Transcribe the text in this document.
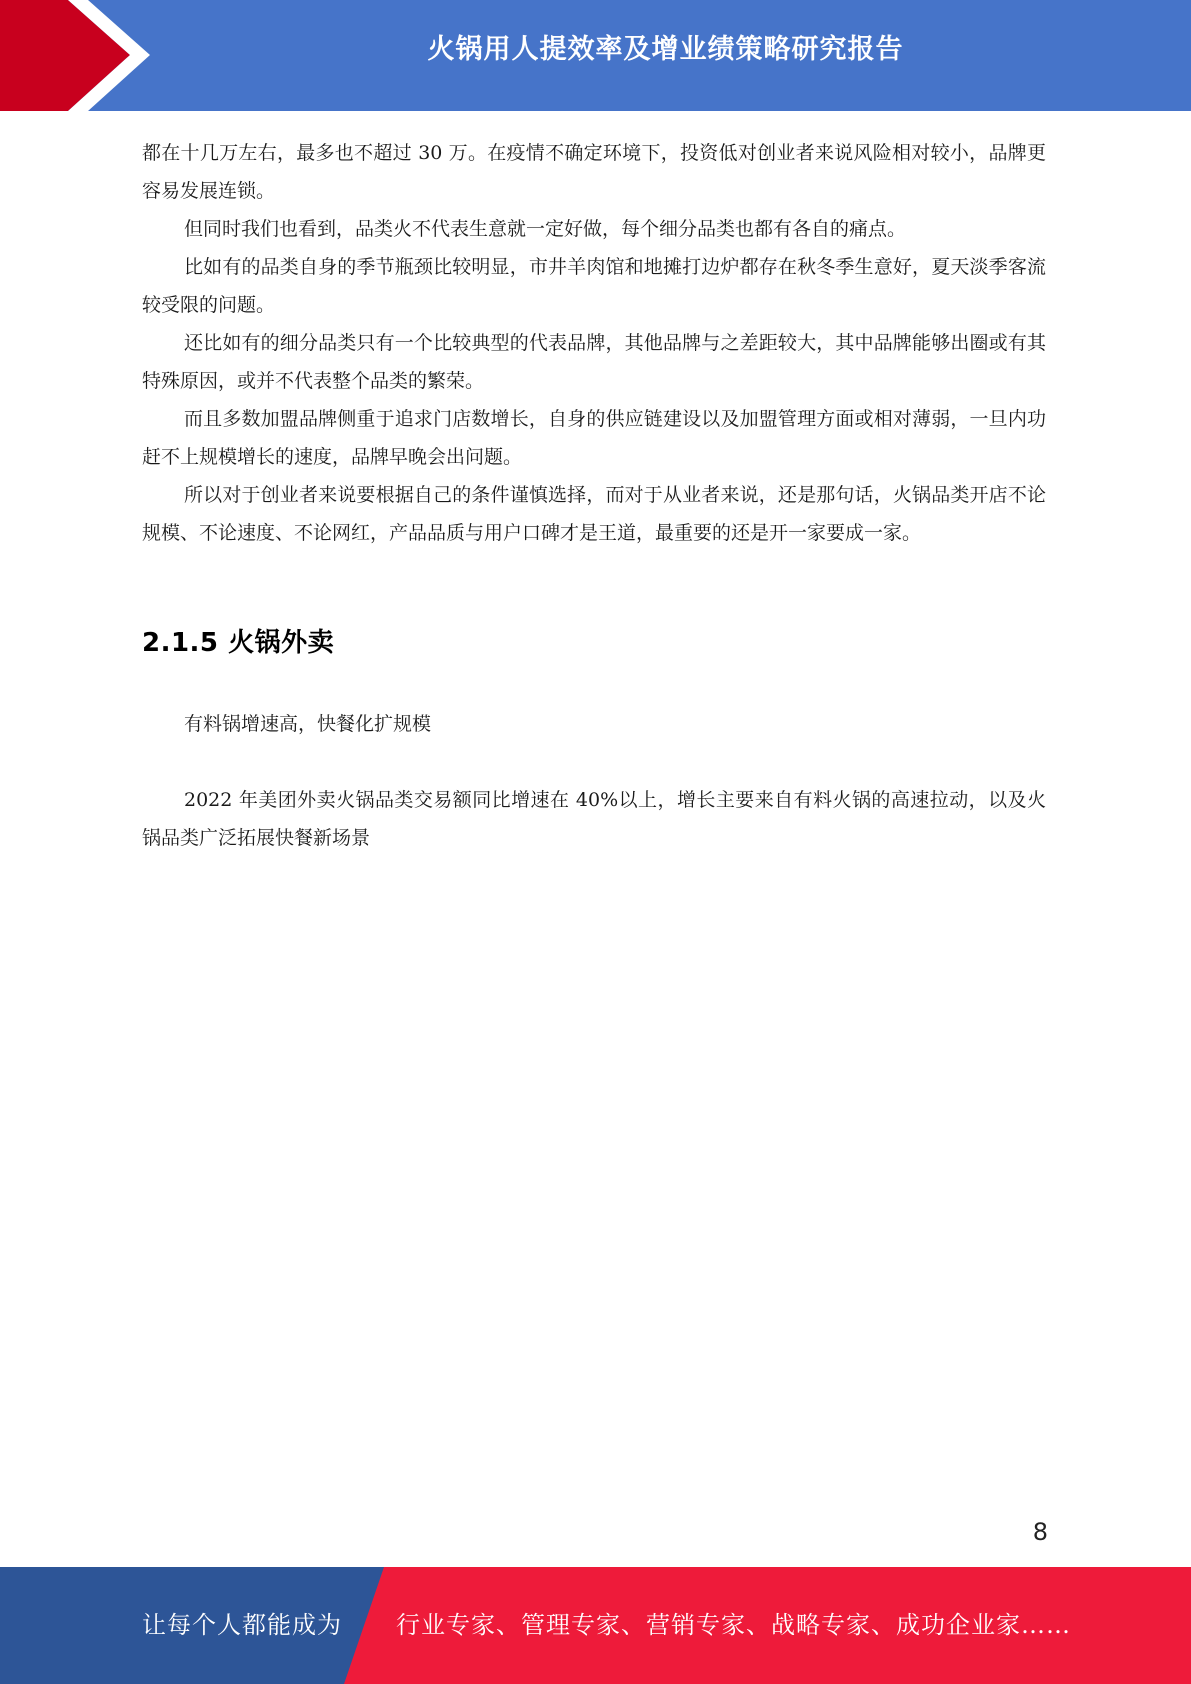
火锅用人提效率及增业绩策略研究报告

都在十几万左右，最多也不超过 30 万。在疫情不确定环境下，投资低对创业者来说风险相对较小，品牌更容易发展连锁。

但同时我们也看到，品类火不代表生意就一定好做，每个细分品类也都有各自的痛点。

比如有的品类自身的季节瓶颈比较明显，市井羊肉馆和地摊打边炉都存在秋冬季生意好，夏天淡季客流较受限的问题。

还比如有的细分品类只有一个比较典型的代表品牌，其他品牌与之差距较大，其中品牌能够出圈或有其特殊原因，或并不代表整个品类的繁荣。

而且多数加盟品牌侧重于追求门店数增长，自身的供应链建设以及加盟管理方面或相对薄弱，一旦内功赶不上规模增长的速度，品牌早晚会出问题。

所以对于创业者来说要根据自己的条件谨慎选择，而对于从业者来说，还是那句话，火锅品类开店不论规模、不论速度、不论网红，产品品质与用户口碑才是王道，最重要的还是开一家要成一家。

2.1.5 火锅外卖

有料锅增速高，快餐化扩规模

2022 年美团外卖火锅品类交易额同比增速在 40%以上，增长主要来自有料火锅的高速拉动，以及火锅品类广泛拓展快餐新场景

8
让每个人都能成为 行业专家、管理专家、营销专家、战略专家、成功企业家……
